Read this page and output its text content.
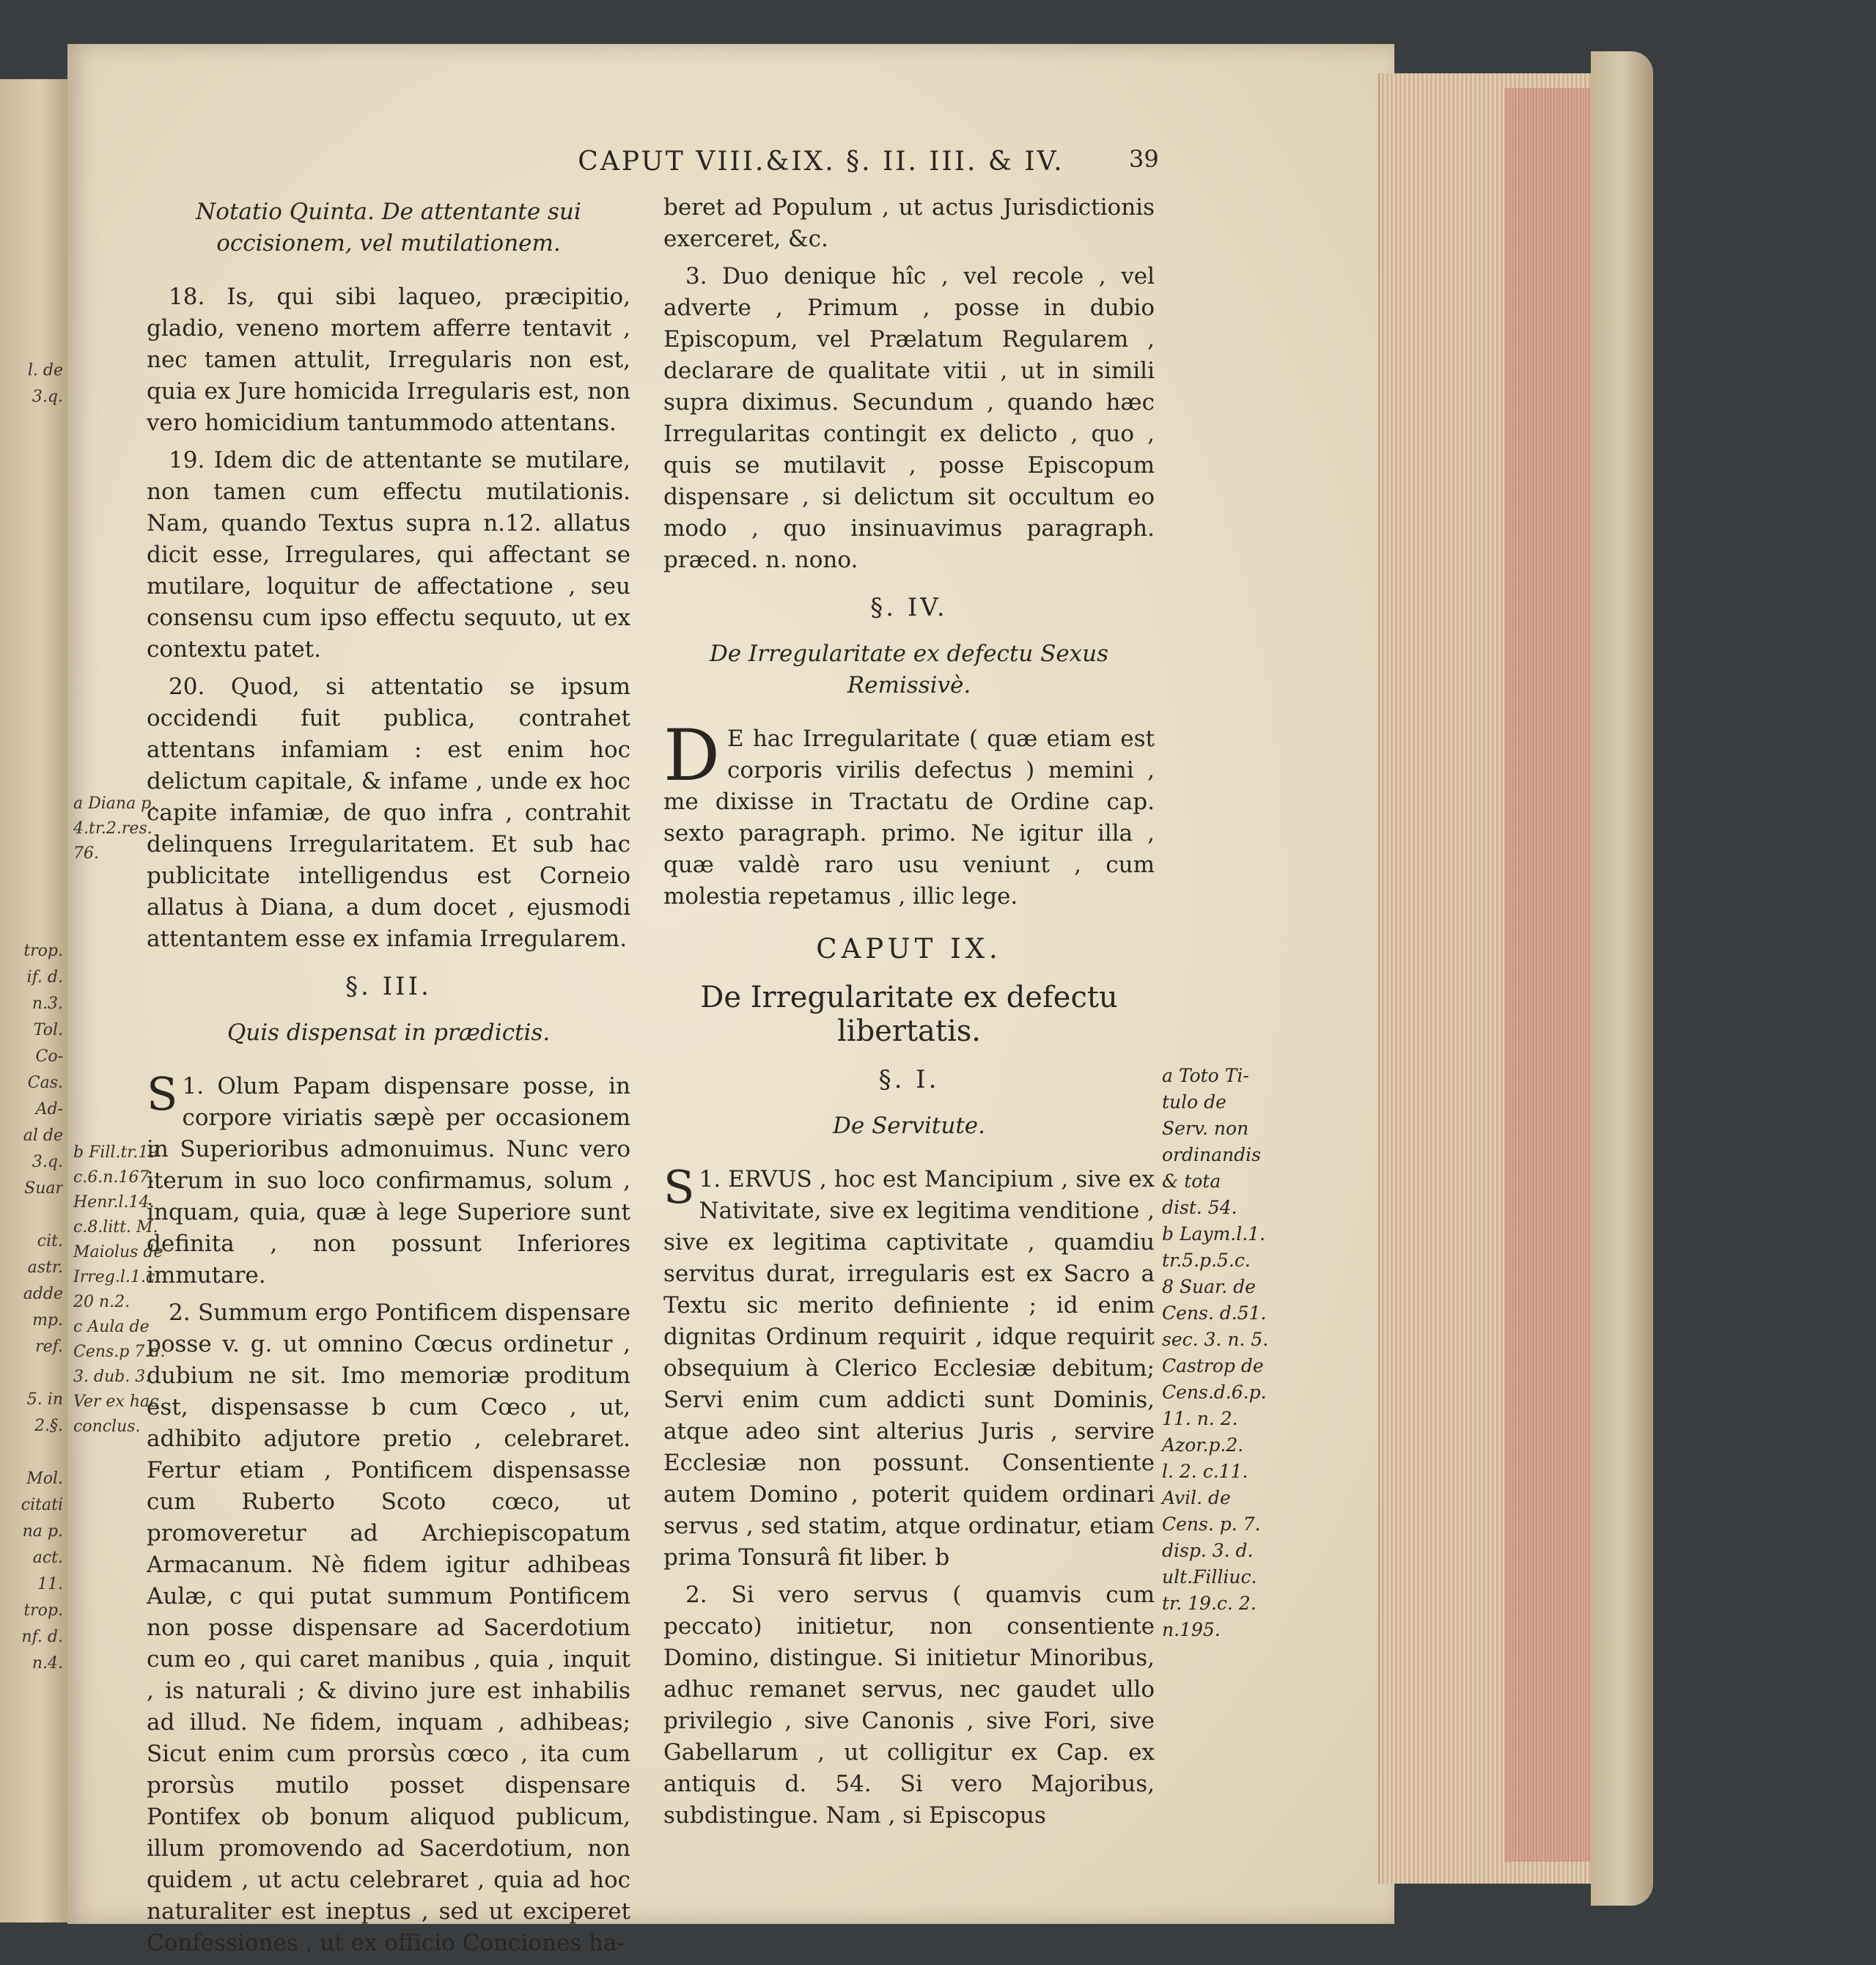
l. de
3.q.

trop.
if. d.
n.3.
Tol.
Co-
Cas.
Ad-
al de
3.q.
Suar

cit.
astr.
adde
mp.
ref.

5. in
2.§.

Mol.
citati
na p.
act.
11.
trop.
nf. d.
n.4.
CAPUT VIII.&IX. §. II. III. & IV.	39
Notatio Quinta. De attentante sui occisionem, vel mutilationem.

18. Is, qui sibi laqueo, præcipitio, gladio, veneno mortem afferre tentavit , nec tamen attulit, Irregularis non est, quia ex Jure homicida Irregularis est, non vero homicidium tantummodo attentans.

19. Idem dic de attentante se mutilare, non tamen cum effectu mutilationis. Nam, quando Textus supra n.12. allatus dicit esse, Irregulares, qui affectant se mutilare, loquitur de affectatione , seu consensu cum ipso effectu sequuto, ut ex contextu patet.

20. Quod, si attentatio se ipsum occidendi fuit publica, contrahet attentans infamiam : est enim hoc delictum capitale, & infame , unde ex hoc capite infamiæ, de quo infra , contrahit delinquens Irregularitatem. Et sub hac publicitate intelligendus est Corneio allatus à Diana, a dum docet , ejusmodi attentantem esse ex infamia Irregularem.

§. III.
Quis dispensat in prædictis.

1.
S Olum Papam dispensare posse, in corpore viriatis sæpè per occasionem in Superioribus admonuimus. Nunc vero iterum in suo loco confirmamus, solum , inquam, quia, quæ à lege Superiore sunt definita , non possunt Inferiores immutare.

2. Summum ergo Pontificem dispensare posse v. g. ut omnino Cœcus ordinetur , dubium ne sit. Imo memoriæ proditum est, dispensasse b cum Cœco , ut, adhibito adjutore pretio , celebraret. Fertur etiam , Pontificem dispensasse cum Ruberto Scoto cœco, ut promoveretur ad Archiepiscopatum Armacanum. Nè fidem igitur adhibeas Aulæ, c qui putat summum Pontificem non posse dispensare ad Sacerdotium cum eo , qui caret manibus , quia , inquit , is naturali ; & divino jure est inhabilis ad illud. Ne fidem, inquam , adhibeas; Sicut enim cum prorsùs cœco , ita cum prorsùs mutilo posset dispensare Pontifex ob bonum aliquod publicum, illum promovendo ad Sacerdotium, non quidem , ut actu celebraret , quia ad hoc naturaliter est ineptus , sed ut exciperet Confessiones , ut ex officio Conciones ha-

a Diana p.
4.tr.2.res.
76.

b Fill.tr.19
c.6.n.167.
Henr.l.14.
c.8.litt. M.
Maiolus de
Irreg.l.1.c.
20 n.2.
c Aula de
Cens.p 7.d.
3. dub. 3.
Ver ex hac
conclus.

beret ad Populum , ut actus Jurisdictionis exerceret, &c.

3. Duo denique hîc , vel recole , vel adverte , Primum , posse in dubio Episcopum, vel Prælatum Regularem , declarare de qualitate vitii , ut in simili supra diximus. Secundum , quando hæc Irregularitas contingit ex delicto , quo , quis se mutilavit , posse Episcopum dispensare , si delictum sit occultum eo modo , quo insinuavimus paragraph. præced. n. nono.

§. IV.
De Irregularitate ex defectu Sexus Remissivè.

D E hac Irregularitate ( quæ etiam est corporis virilis defectus ) memini , me dixisse in Tractatu de Ordine cap. sexto paragraph. primo. Ne igitur illa , quæ valdè raro usu veniunt , cum molestia repetamus , illic lege.

CAPUT IX.
De Irregularitate ex defectu libertatis.
§. I.
De Servitute.

1.
S ERVUS , hoc est Mancipium , sive ex Nativitate, sive ex legitima venditione , sive ex legitima captivitate , quamdiu servitus durat, irregularis est ex Sacro a Textu sic merito definiente ; id enim dignitas Ordinum requirit , idque requirit obsequium à Clerico Ecclesiæ debitum; Servi enim cum addicti sunt Dominis, atque adeo sint alterius Juris , servire Ecclesiæ non possunt. Consentiente autem Domino , poterit quidem ordinari servus , sed statim, atque ordinatur, etiam prima Tonsurâ fit liber. b

2. Si vero servus ( quamvis cum peccato) initietur, non consentiente Domino, distingue. Si initietur Minoribus, adhuc remanet servus, nec gaudet ullo privilegio , sive Canonis , sive Fori, sive Gabellarum , ut colligitur ex Cap. ex antiquis d. 54. Si vero Majoribus, subdistingue. Nam , si Episcopus

a Toto Ti-
tulo de
Serv. non
ordinandis
& tota
dist. 54.
b Laym.l.1.
tr.5.p.5.c.
8 Suar. de
Cens. d.51.
sec. 3. n. 5.
Castrop de
Cens.d.6.p.
11. n. 2.
Azor.p.2.
l. 2. c.11.
Avil. de
Cens. p. 7.
disp. 3. d.
ult.Filliuc.
tr. 19.c. 2.
n.195.
